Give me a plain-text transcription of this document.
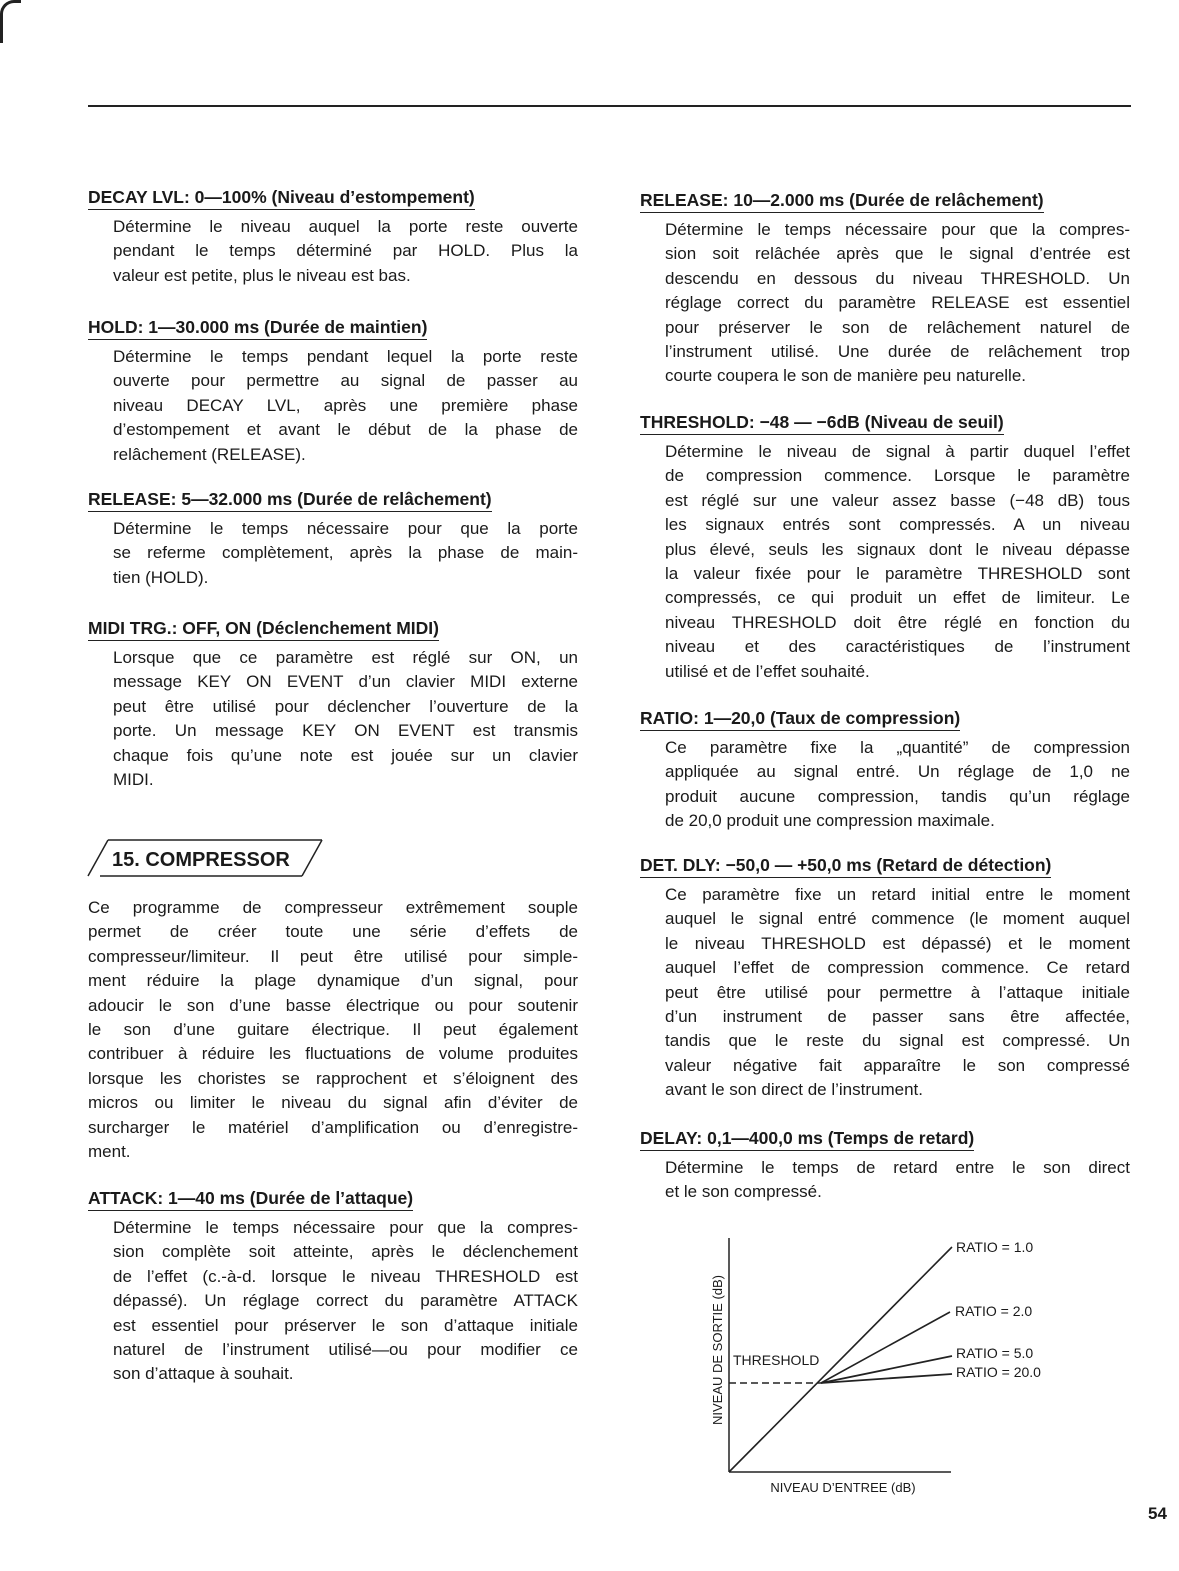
DECAY LVL: 0—100% (Niveau d’estompement)
Détermine le niveau auquel la porte reste ouverte
pendant le temps déterminé par HOLD. Plus la
valeur est petite, plus le niveau est bas.
HOLD: 1—30.000 ms (Durée de maintien)
Détermine le temps pendant lequel la porte reste
ouverte pour permettre au signal de passer au
niveau DECAY LVL, après une première phase
d’estompement et avant le début de la phase de
relâchement (RELEASE).
RELEASE: 5—32.000 ms (Durée de relâchement)
Détermine le temps nécessaire pour que la porte
se referme complètement, après la phase de main-
tien (HOLD).
MIDI TRG.: OFF, ON (Déclenchement MIDI)
Lorsque que ce paramètre est réglé sur ON, un
message KEY ON EVENT d’un clavier MIDI externe
peut être utilisé pour déclencher l’ouverture de la
porte. Un message KEY ON EVENT est transmis
chaque fois qu’une note est jouée sur un clavier
MIDI.
15. COMPRESSOR
Ce programme de compresseur extrêmement souple
permet de créer toute une série d’effets de
compresseur/limiteur. Il peut être utilisé pour simple-
ment réduire la plage dynamique d’un signal, pour
adoucir le son d’une basse électrique ou pour soutenir
le son d’une guitare électrique. Il peut également
contribuer à réduire les fluctuations de volume produites
lorsque les choristes se rapprochent et s’éloignent des
micros ou limiter le niveau du signal afin d’éviter de
surcharger le matériel d’amplification ou d’enregistre-
ment.
ATTACK: 1—40 ms (Durée de l’attaque)
Détermine le temps nécessaire pour que la compres-
sion complète soit atteinte, après le déclenchement
de l’effet (c.-à-d. lorsque le niveau THRESHOLD est
dépassé). Un réglage correct du paramètre ATTACK
est essentiel pour préserver le son d’attaque initiale
naturel de l’instrument utilisé—ou pour modifier ce
son d’attaque à souhait.
RELEASE: 10—2.000 ms (Durée de relâchement)
Détermine le temps nécessaire pour que la compres-
sion soit relâchée après que le signal d’entrée est
descendu en dessous du niveau THRESHOLD. Un
réglage correct du paramètre RELEASE est essentiel
pour préserver le son de relâchement naturel de
l’instrument utilisé. Une durée de relâchement trop
courte coupera le son de manière peu naturelle.
THRESHOLD: −48 — −6dB (Niveau de seuil)
Détermine le niveau de signal à partir duquel l’effet
de compression commence. Lorsque le paramètre
est réglé sur une valeur assez basse (−48 dB) tous
les signaux entrés sont compressés. A un niveau
plus élevé, seuls les signaux dont le niveau dépasse
la valeur fixée pour le paramètre THRESHOLD sont
compressés, ce qui produit un effet de limiteur. Le
niveau THRESHOLD doit être réglé en fonction du
niveau et des caractéristiques de l’instrument
utilisé et de l’effet souhaité.
RATIO: 1—20,0 (Taux de compression)
Ce paramètre fixe la „quantité” de compression
appliquée au signal entré. Un réglage de 1,0 ne
produit aucune compression, tandis qu’un réglage
de 20,0 produit une compression maximale.
DET. DLY: −50,0 — +50,0 ms (Retard de détection)
Ce paramètre fixe un retard initial entre le moment
auquel le signal entré commence (le moment auquel
le niveau THRESHOLD est dépassé) et le moment
auquel l’effet de compression commence. Ce retard
peut être utilisé pour permettre à l’attaque initiale
d’un instrument de passer sans être affectée,
tandis que le reste du signal est compressé. Un
valeur négative fait apparaître le son compressé
avant le son direct de l’instrument.
DELAY: 0,1—400,0 ms (Temps de retard)
Détermine le temps de retard entre le son direct
et le son compressé.
THRESHOLD
RATIO = 1.0
RATIO = 2.0
RATIO = 5.0
RATIO = 20.0
NIVEAU DE SORTIE (dB)
NIVEAU D’ENTREE (dB)
54
